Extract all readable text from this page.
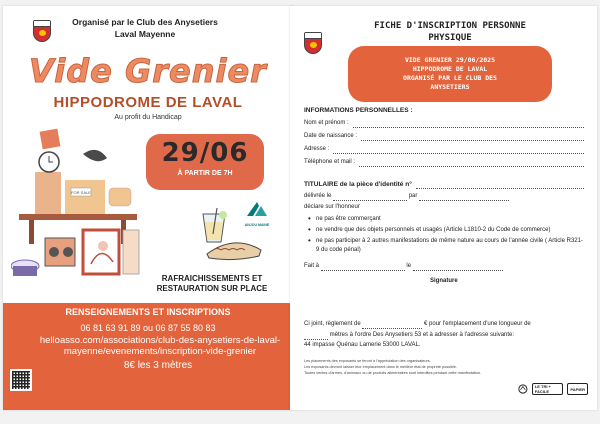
Organisé par le Club des Anysetiers
Laval Mayenne
Vide Grenier
HIPPODROME DE LAVAL
Au profit du Handicap
FOR SALE
29/06
À PARTIR DE 7H
ANJOU MAINE
RAFRAICHISSEMENTS ET
RESTAURATION SUR PLACE
RENSEIGNEMENTS ET INSCRIPTIONS
06 81 63 91 89 ou 06 87 55 80 83
helloasso.com/associations/club-des-anysetiers-de-laval-mayenne/evenements/inscription-vide-grenier
8€ les 3 mètres
FICHE D'INSCRIPTION PERSONNE
PHYSIQUE
VIDE GRENIER 29/06/2025
HIPPODROME DE LAVAL
ORGANISÉ PAR LE CLUB DES
ANYSETIERS
INFORMATIONS PERSONNELLES :
Nom et prénom :
Date de naissance :
Adresse :
Téléphone et mail :
TITULAIRE de la pièce d'identité n°
délivrée le	par
déclare sur l'honneur
• ne pas être commerçant
• ne vendre que des objets personnels et usagés (Article L1810-2 du Code de commerce)
• ne pas participer à 2 autres manifestations de même nature au cours de l'année civile ( Article R321-9 du code pénal)
Fait à	le
Signature
Ci joint, règlement de	€ pour l'emplacement d'une longueur de
mètres à l'ordre Des Anysetiers 53 et à adresser à l'adresse suivante:
44 impasse Quénau Lamerie 53000 LAVAL.
Les placements des exposants se feront à l'appréciation des organisateurs.
Les exposants devront laisser leur emplacement dans le meilleur état de propreté possible.
Toutes ventes d'armes, d'animaux ou de produits alimentaires sont interdites pendant cette manifestation.
LE TRI + FACILE	PAPIER
